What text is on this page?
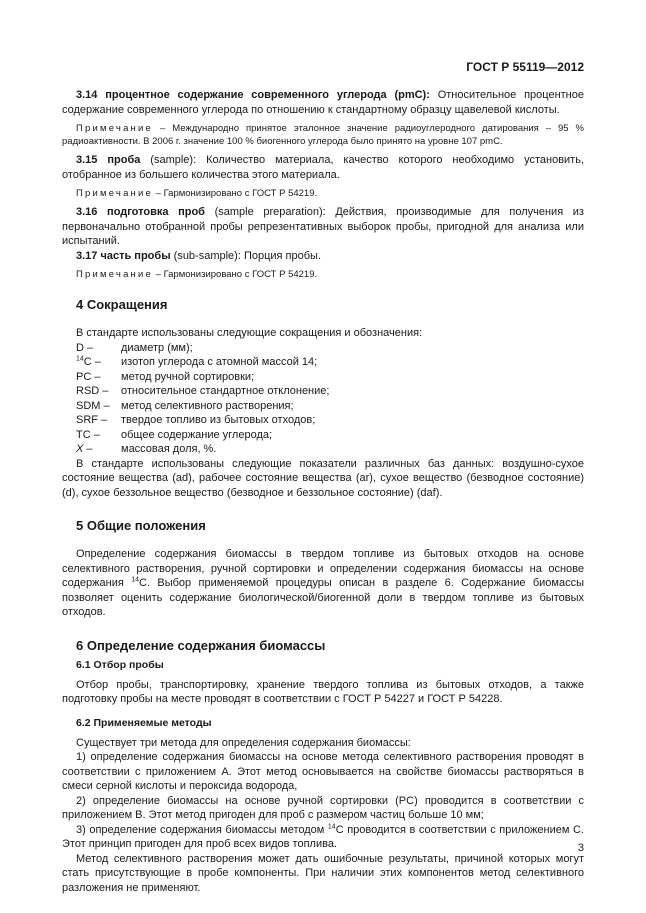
ГОСТ Р 55119—2012

3.14 процентное содержание современного углерода (pmC): Относительное процентное содержание современного углерода по отношению к стандартному образцу щавелевой кислоты.

Примечание – Международно принятое эталонное значение радиоуглеродного датирования – 95 % радиоактивности. В 2006 г. значение 100 % биогенного углерода было принято на уровне 107 pmC.

3.15 проба (sample): Количество материала, качество которого необходимо установить, отобранное из большего количества этого материала.

Примечание – Гармонизировано с ГОСТ Р 54219.

3.16 подготовка проб (sample preparation): Действия, производимые для получения из первоначально отобранной пробы репрезентативных выборок пробы, пригодной для анализа или испытаний.

3.17 часть пробы (sub-sample): Порция пробы.

Примечание – Гармонизировано с ГОСТ Р 54219.

4 Сокращения

В стандарте использованы следующие сокращения и обозначения:

D –	диаметр (мм);
$^{14}$C –	изотоп углерода с атомной массой 14;
PC –	метод ручной сортировки;
RSD –	относительное стандартное отклонение;
SDM –	метод селективного растворения;
SRF –	твердое топливо из бытовых отходов;
TC –	общее содержание углерода;
X –	массовая доля, %.

В стандарте использованы следующие показатели различных баз данных: воздушно-сухое состояние вещества (ad), рабочее состояние вещества (ar), сухое вещество (безводное состояние) (d), сухое беззольное вещество (безводное и беззольное состояние) (daf).

5 Общие положения

Определение содержания биомассы в твердом топливе из бытовых отходов на основе селективного растворения, ручной сортировки и определении содержания биомассы на основе содержания $^{14}$C. Выбор применяемой процедуры описан в разделе 6. Содержание биомассы позволяет оценить содержание биологической/биогенной доли в твердом топливе из бытовых отходов.

6 Определение содержания биомассы
6.1 Отбор пробы

Отбор пробы, транспортировку, хранение твердого топлива из бытовых отходов, а также подготовку пробы на месте проводят в соответствии с ГОСТ Р 54227 и ГОСТ Р 54228.

6.2 Применяемые методы

Существует три метода для определения содержания биомассы:

1) определение содержания биомассы на основе метода селективного растворения проводят в соответствии с приложением А. Этот метод основывается на свойстве биомассы растворяться в смеси серной кислоты и пероксида водорода,

2) определение биомассы на основе ручной сортировки (PC) проводится в соответствии с приложением В. Этот метод пригоден для проб с размером частиц больше 10 мм;

3) определение содержания биомассы методом $^{14}$C проводится в соответствии с приложением С. Этот принцип пригоден для проб всех видов топлива.

Метод селективного растворения может дать ошибочные результаты, причиной которых могут стать присутствующие в пробе компоненты. При наличии этих компонентов метод селективного разложения не применяют.

3
